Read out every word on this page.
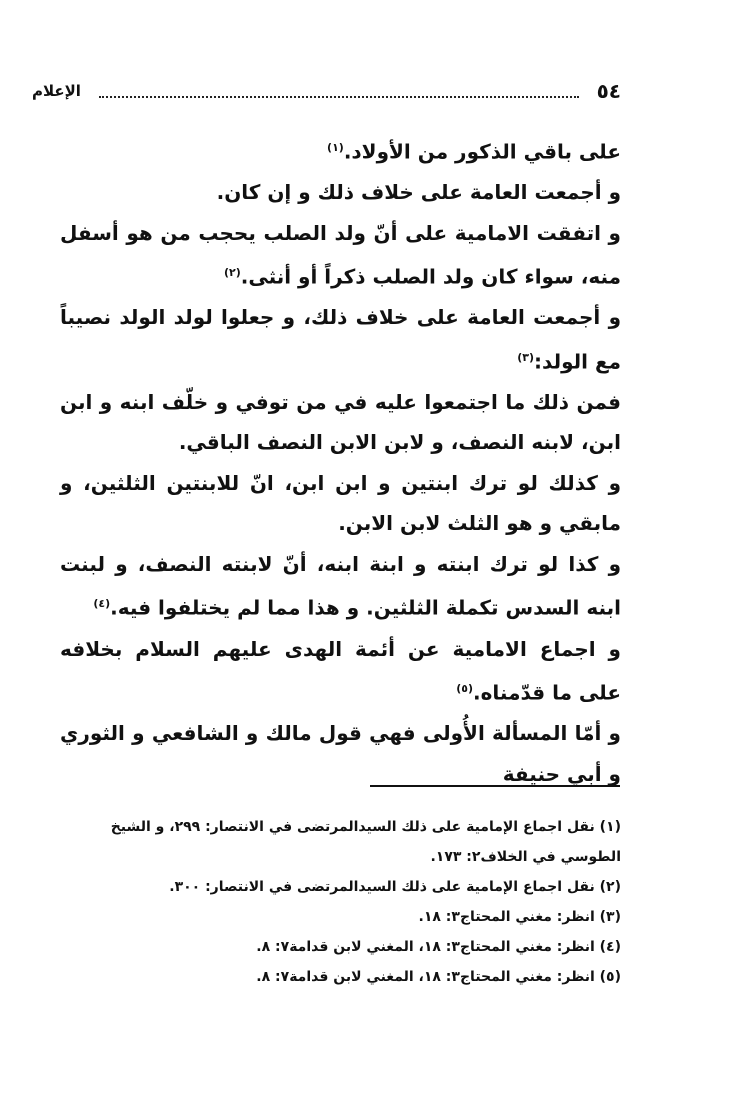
٥٤
الإعلام

على باقي الذكور من الأولاد.$^{(١)}$

و أجمعت العامة على خلاف ذلك و إن كان.

و اتفقت الامامية على أنّ ولد الصلب يحجب من هو أسفل منه، سواء كان ولد الصلب ذكراً أو أنثى.$^{(٢)}$

و أجمعت العامة على خلاف ذلك، و جعلوا لولد الولد نصيباً مع الولد:$^{(٣)}$

فمن ذلك ما اجتمعوا عليه في من توفي و خلّف ابنه و ابن ابن، لابنه النصف، و لابن الابن النصف الباقي.

و كذلك لو ترك ابنتين و ابن ابن، انّ للابنتين الثلثين، و مابقي و هو الثلث لابن الابن.

و كذا لو ترك ابنته و ابنة ابنه، أنّ لابنته النصف، و لبنت ابنه السدس تكملة الثلثين. و هذا مما لم يختلفوا فيه.$^{(٤)}$

و اجماع الامامية عن أئمة الهدى عليهم السلام بخلافه على ما قدّمناه.$^{(٥)}$

و أمّا المسألة الأُولى فهي قول مالك و الشافعي و الثوري و أبي حنيفة

(١) نقل اجماع الإمامية على ذلك السيدالمرتضى في الانتصار: ٢٩٩، و الشيخ الطوسي في الخلاف٢: ١٧٣.

(٢) نقل اجماع الإمامية على ذلك السيدالمرتضى في الانتصار: ٣٠٠.

(٣) انظر: مغني المحتاج٣: ١٨.

(٤) انظر: مغني المحتاج٣: ١٨، المغني لابن قدامة٧: ٨.

(٥) انظر: مغني المحتاج٣: ١٨، المغني لابن قدامة٧: ٨.
